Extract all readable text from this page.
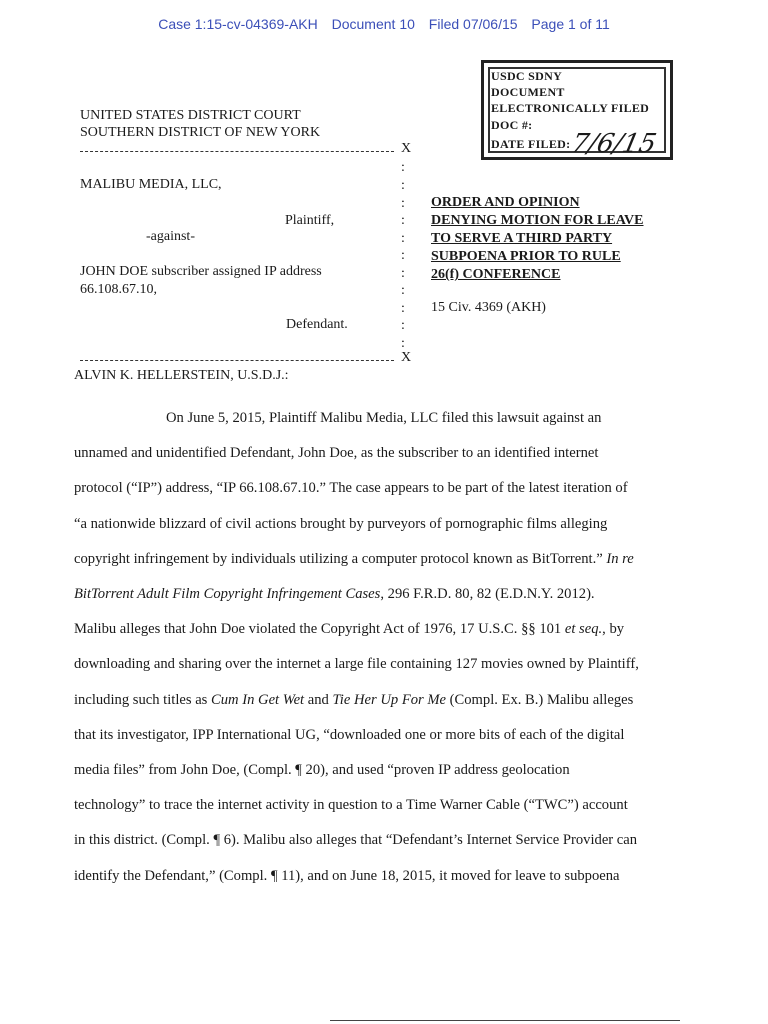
Case 1:15-cv-04369-AKH Document 10 Filed 07/06/15 Page 1 of 11
USDC SDNY
DOCUMENT
ELECTRONICALLY FILED
DOC #:
DATE FILED:
7/6/15
UNITED STATES DISTRICT COURT
SOUTHERN DISTRICT OF NEW YORK
X
MALIBU MEDIA, LLC,
Plaintiff,
-against-
JOHN DOE subscriber assigned IP address
66.108.67.10,
Defendant.
:
:
:
:
:
:
:
:
:
:
:
X
ORDER AND OPINION
DENYING MOTION FOR LEAVE
TO SERVE A THIRD PARTY
SUBPOENA PRIOR TO RULE
26(f) CONFERENCE
15 Civ. 4369 (AKH)
ALVIN K. HELLERSTEIN, U.S.D.J.:

On June 5, 2015, Plaintiff Malibu Media, LLC filed this lawsuit against an

unnamed and unidentified Defendant, John Doe, as the subscriber to an identified internet

protocol (“IP”) address, “IP 66.108.67.10.” The case appears to be part of the latest iteration of

“a nationwide blizzard of civil actions brought by purveyors of pornographic films alleging

copyright infringement by individuals utilizing a computer protocol known as BitTorrent.” In re

BitTorrent Adult Film Copyright Infringement Cases, 296 F.R.D. 80, 82 (E.D.N.Y. 2012).

Malibu alleges that John Doe violated the Copyright Act of 1976, 17 U.S.C. §§ 101 et seq., by

downloading and sharing over the internet a large file containing 127 movies owned by Plaintiff,

including such titles as Cum In Get Wet and Tie Her Up For Me (Compl. Ex. B.) Malibu alleges

that its investigator, IPP International UG, “downloaded one or more bits of each of the digital

media files” from John Doe, (Compl. ¶ 20), and used “proven IP address geolocation

technology” to trace the internet activity in question to a Time Warner Cable (“TWC”) account

in this district. (Compl. ¶ 6). Malibu also alleges that “Defendant’s Internet Service Provider can

identify the Defendant,” (Compl. ¶ 11), and on June 18, 2015, it moved for leave to subpoena
